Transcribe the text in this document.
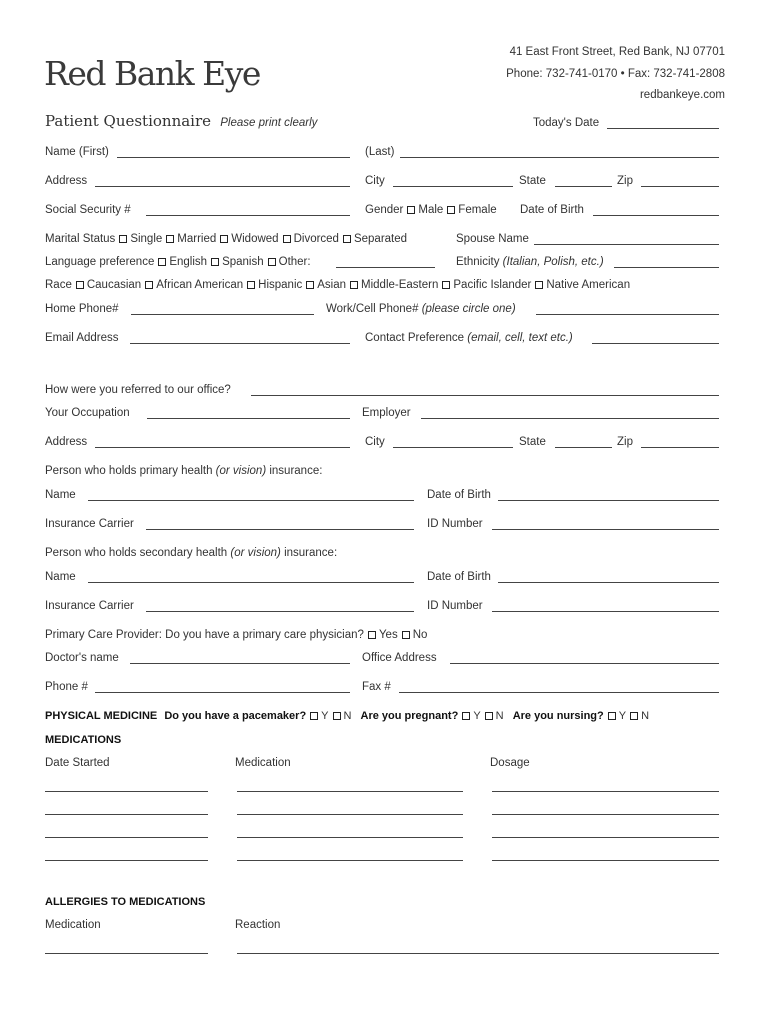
Red Bank Eye
41 East Front Street, Red Bank, NJ 07701
Phone: 732-741-0170 • Fax: 732-741-2808
redbankeye.com
Patient Questionnaire Please print clearly	Today's Date
Name (First)	(Last)
Address	City	State	Zip
Social Security #	Gender Male Female Date of Birth
Marital Status Single Married Widowed Divorced Separated	Spouse Name
Language preference English Spanish Other:	Ethnicity (Italian, Polish, etc.)
Race Caucasian African American Hispanic Asian Middle-Eastern Pacific Islander Native American
Home Phone#	Work/Cell Phone# (please circle one)
Email Address	Contact Preference (email, cell, text etc.)
How were you referred to our office?
Your Occupation	Employer
Address	City	State	Zip
Person who holds primary health (or vision) insurance:
Name	Date of Birth
Insurance Carrier	ID Number
Person who holds secondary health (or vision) insurance:
Name	Date of Birth
Insurance Carrier	ID Number
Primary Care Provider: Do you have a primary care physician? Yes No
Doctor's name	Office Address
Phone #	Fax #
PHYSICAL MEDICINE Do you have a pacemaker? Y N Are you pregnant? Y N Are you nursing? Y N
MEDICATIONS
Date Started	Medication	Dosage
ALLERGIES TO MEDICATIONS
Medication	Reaction
